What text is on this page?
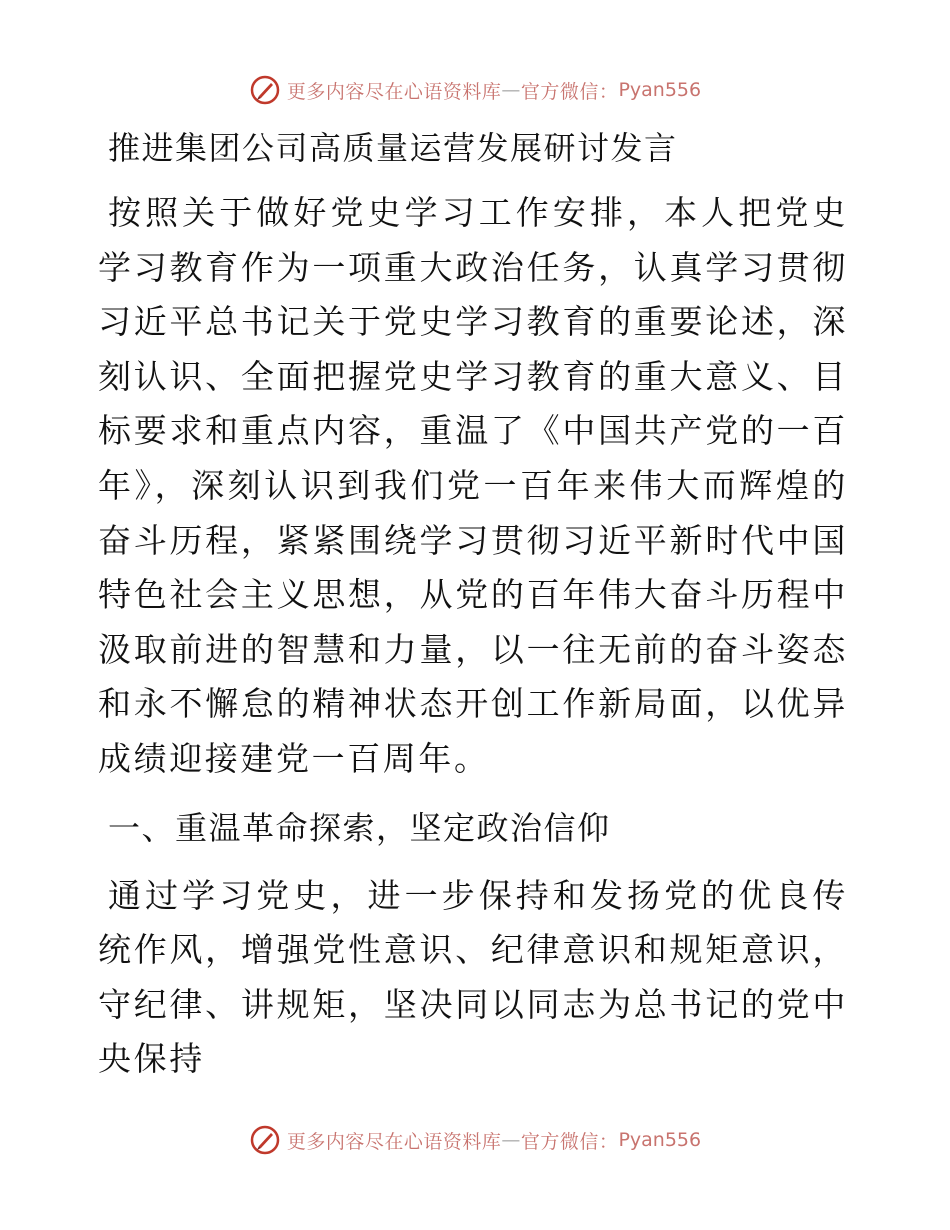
更多内容尽在心语资料库 — 官方微信： Pyan556
推进集团公司高质量运营发展研讨发言

按照关于做好党史学习工作安排，本人把党史学习教育作为一项重大政治任务，认真学习贯彻习近平总书记关于党史学习教育的重要论述，深刻认识、全面把握党史学习教育的重大意义、目标要求和重点内容，重温了《中国共产党的一百年》，深刻认识到我们党一百年来伟大而辉煌的奋斗历程，紧紧围绕学习贯彻习近平新时代中国特色社会主义思想，从党的百年伟大奋斗历程中汲取前进的智慧和力量，以一往无前的奋斗姿态和永不懈怠的精神状态开创工作新局面，以优异成绩迎接建党一百周年。

一、重温革命探索，坚定政治信仰

通过学习党史，进一步保持和发扬党的优良传统作风，增强党性意识、纪律意识和规矩意识，守纪律、讲规矩，坚决同以同志为总书记的党中央保持

更多内容尽在心语资料库 — 官方微信： Pyan556
